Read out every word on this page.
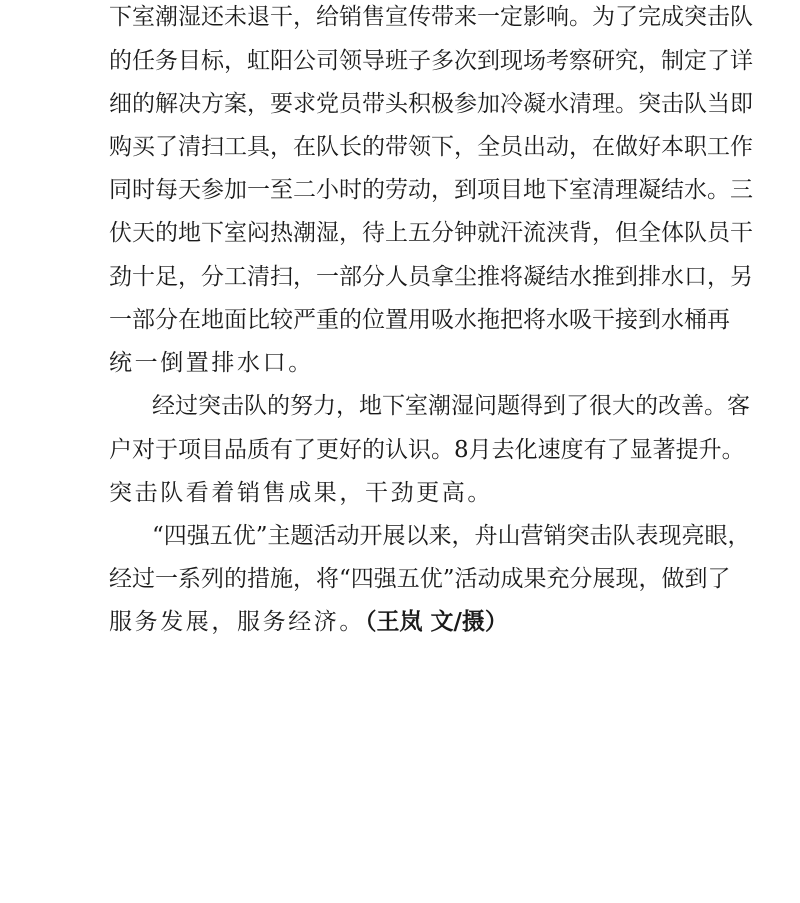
下室潮湿还未退干，给销售宣传带来一定影响。为了完成突击队
的任务目标，虹阳公司领导班子多次到现场考察研究，制定了详
细的解决方案，要求党员带头积极参加冷凝水清理。突击队当即
购买了清扫工具，在队长的带领下，全员出动，在做好本职工作
同时每天参加一至二小时的劳动，到项目地下室清理凝结水。三
伏天的地下室闷热潮湿，待上五分钟就汗流浃背，但全体队员干
劲十足，分工清扫，一部分人员拿尘推将凝结水推到排水口，另
一部分在地面比较严重的位置用吸水拖把将水吸干接到水桶再
统一倒置排水口。
经过突击队的努力，地下室潮湿问题得到了很大的改善。客
户对于项目品质有了更好的认识。8月去化速度有了显著提升。
突击队看着销售成果，干劲更高。
“四强五优”主题活动开展以来，舟山营销突击队表现亮眼，
经过一系列的措施，将“四强五优”活动成果充分展现，做到了
服务发展，服务经济。（王岚 文/摄）
